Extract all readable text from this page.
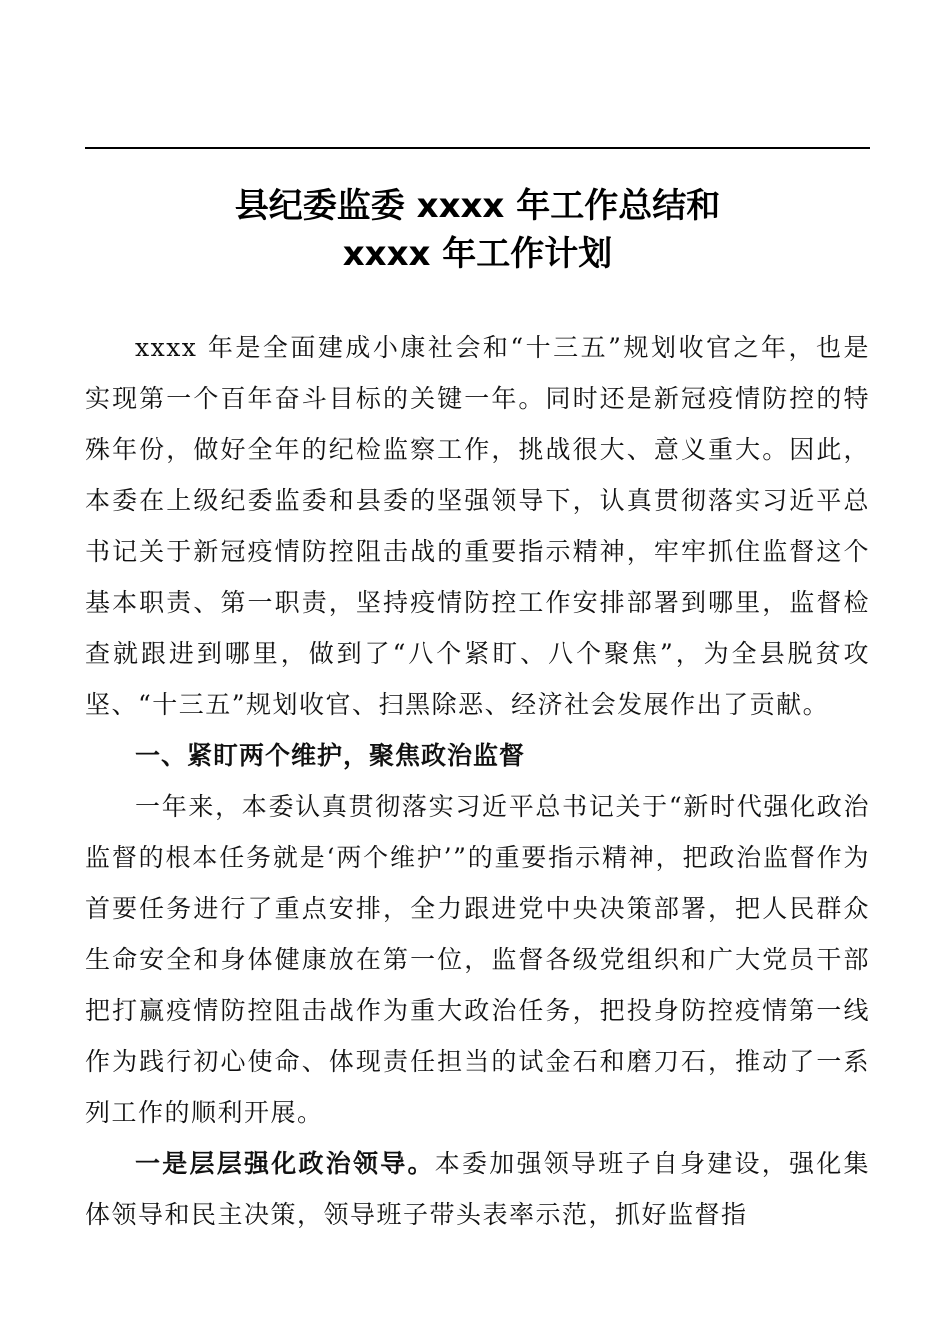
县纪委监委 xxxx 年工作总结和
xxxx 年工作计划

xxxx 年是全面建成小康社会和“十三五”规划收官之年，也是实现第一个百年奋斗目标的关键一年。同时还是新冠疫情防控的特殊年份，做好全年的纪检监察工作，挑战很大、意义重大。因此，本委在上级纪委监委和县委的坚强领导下，认真贯彻落实习近平总书记关于新冠疫情防控阻击战的重要指示精神，牢牢抓住监督这个基本职责、第一职责，坚持疫情防控工作安排部署到哪里，监督检查就跟进到哪里，做到了“八个紧盯、八个聚焦”，为全县脱贫攻坚、“十三五”规划收官、扫黑除恶、经济社会发展作出了贡献。

一、紧盯两个维护，聚焦政治监督

一年来，本委认真贯彻落实习近平总书记关于“新时代强化政治监督的根本任务就是‘两个维护’”的重要指示精神，把政治监督作为首要任务进行了重点安排，全力跟进党中央决策部署，把人民群众生命安全和身体健康放在第一位，监督各级党组织和广大党员干部把打赢疫情防控阻击战作为重大政治任务，把投身防控疫情第一线作为践行初心使命、体现责任担当的试金石和磨刀石，推动了一系列工作的顺利开展。

一是层层强化政治领导。本委加强领导班子自身建设，强化集体领导和民主决策，领导班子带头表率示范，抓好监督指
